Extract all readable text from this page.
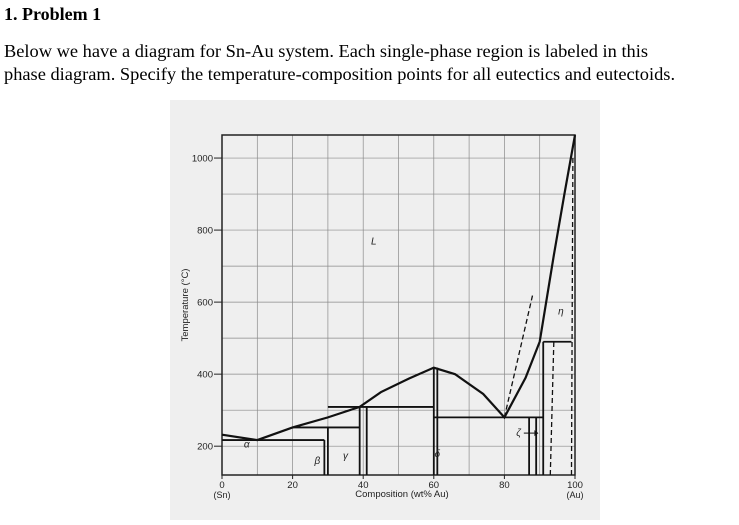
1. Problem 1
Below we have a diagram for Sn-Au system. Each single-phase region is labeled in this
phase diagram. Specify the temperature-composition points for all eutectics and eutectoids.
0
(Sn)
20	40	60	80	100
(Au)
200
400
600
800
1000
L
α
β γ	δ
η
ζ
Composition (wt% Au)
Temperature (°C)
